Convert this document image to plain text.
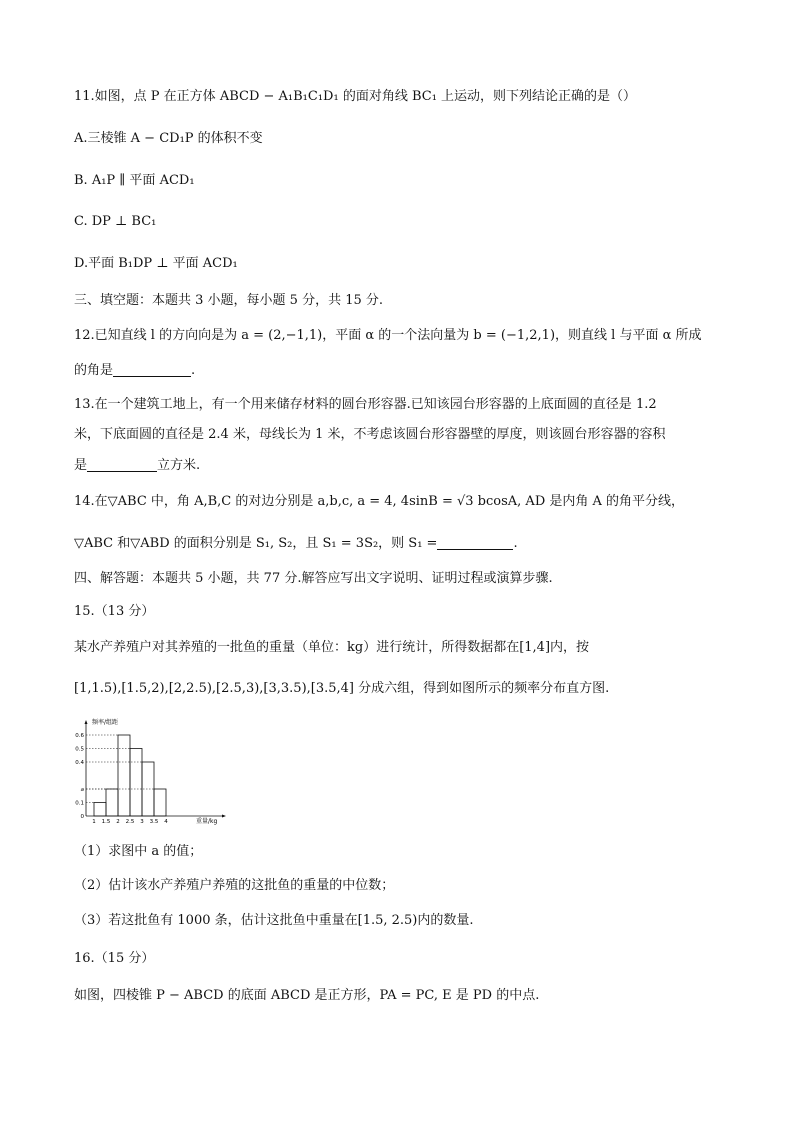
11.如图，点 P 在正方体 ABCD − A₁B₁C₁D₁ 的面对角线 BC₁ 上运动，则下列结论正确的是（）
A.三棱锥 A − CD₁P 的体积不变
B. A₁P ∥ 平面 ACD₁
C. DP ⊥ BC₁
D.平面 B₁DP ⊥ 平面 ACD₁
三、填空题：本题共 3 小题，每小题 5 分，共 15 分.
12.已知直线 l 的方向向是为 a = (2,−1,1)，平面 α 的一个法向量为 b = (−1,2,1)，则直线 l 与平面 α 所成
的角是	.
13.在一个建筑工地上，有一个用来储存材料的圆台形容器.已知该园台形容器的上底面圆的直径是 1.2
米，下底面圆的直径是 2.4 米，母线长为 1 米，不考虑该圆台形容器壁的厚度，则该圆台形容器的容积
是	立方米.
14.在▽ABC 中，角 A,B,C 的对边分别是 a,b,c, a = 4, 4sinB = √3 bcosA, AD 是内角 A 的角平分线，
▽ABC 和▽ABD 的面积分别是 S₁, S₂，且 S₁ = 3S₂，则 S₁ =	.
四、解答题：本题共 5 小题，共 77 分.解答应写出文字说明、证明过程或演算步骤.
15.（13 分）
某水产养殖户对其养殖的一批鱼的重量（单位：kg）进行统计，所得数据都在[1,4]内，按
[1,1.5),[1.5,2),[2,2.5),[2.5,3),[3,3.5),[3.5,4] 分成六组，得到如图所示的频率分布直方图.
频率/组距
0
0.1
a
0.4
0.5
0.6
1 1.5 2 2.5 3 3.5 4	重量/kg
（1）求图中 a 的值；
（2）估计该水产养殖户养殖的这批鱼的重量的中位数；
（3）若这批鱼有 1000 条，估计这批鱼中重量在[1.5, 2.5)内的数量.
16.（15 分）
如图，四棱锥 P − ABCD 的底面 ABCD 是正方形，PA = PC, E 是 PD 的中点.
